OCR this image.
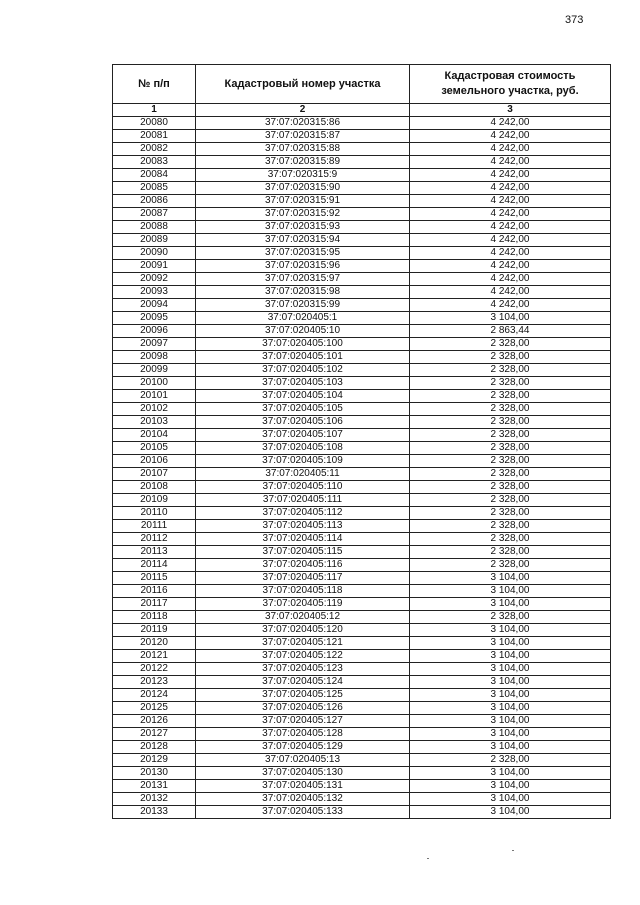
373
№ п/п	Кадастровый номер участка	Кадастровая стоимость земельного участка, руб.
1	2	3
20080	37:07:020315:86	4 242,00
20081	37:07:020315:87	4 242,00
20082	37:07:020315:88	4 242,00
20083	37:07:020315:89	4 242,00
20084	37:07:020315:9	4 242,00
20085	37:07:020315:90	4 242,00
20086	37:07:020315:91	4 242,00
20087	37:07:020315:92	4 242,00
20088	37:07:020315:93	4 242,00
20089	37:07:020315:94	4 242,00
20090	37:07:020315:95	4 242,00
20091	37:07:020315:96	4 242,00
20092	37:07:020315:97	4 242,00
20093	37:07:020315:98	4 242,00
20094	37:07:020315:99	4 242,00
20095	37:07:020405:1	3 104,00
20096	37:07:020405:10	2 863,44
20097	37:07:020405:100	2 328,00
20098	37:07:020405:101	2 328,00
20099	37:07:020405:102	2 328,00
20100	37:07:020405:103	2 328,00
20101	37:07:020405:104	2 328,00
20102	37:07:020405:105	2 328,00
20103	37:07:020405:106	2 328,00
20104	37:07:020405:107	2 328,00
20105	37:07:020405:108	2 328,00
20106	37:07:020405:109	2 328,00
20107	37:07:020405:11	2 328,00
20108	37:07:020405:110	2 328,00
20109	37:07:020405:111	2 328,00
20110	37:07:020405:112	2 328,00
20111	37:07:020405:113	2 328,00
20112	37:07:020405:114	2 328,00
20113	37:07:020405:115	2 328,00
20114	37:07:020405:116	2 328,00
20115	37:07:020405:117	3 104,00
20116	37:07:020405:118	3 104,00
20117	37:07:020405:119	3 104,00
20118	37:07:020405:12	2 328,00
20119	37:07:020405:120	3 104,00
20120	37:07:020405:121	3 104,00
20121	37:07:020405:122	3 104,00
20122	37:07:020405:123	3 104,00
20123	37:07:020405:124	3 104,00
20124	37:07:020405:125	3 104,00
20125	37:07:020405:126	3 104,00
20126	37:07:020405:127	3 104,00
20127	37:07:020405:128	3 104,00
20128	37:07:020405:129	3 104,00
20129	37:07:020405:13	2 328,00
20130	37:07:020405:130	3 104,00
20131	37:07:020405:131	3 104,00
20132	37:07:020405:132	3 104,00
20133	37:07:020405:133	3 104,00
